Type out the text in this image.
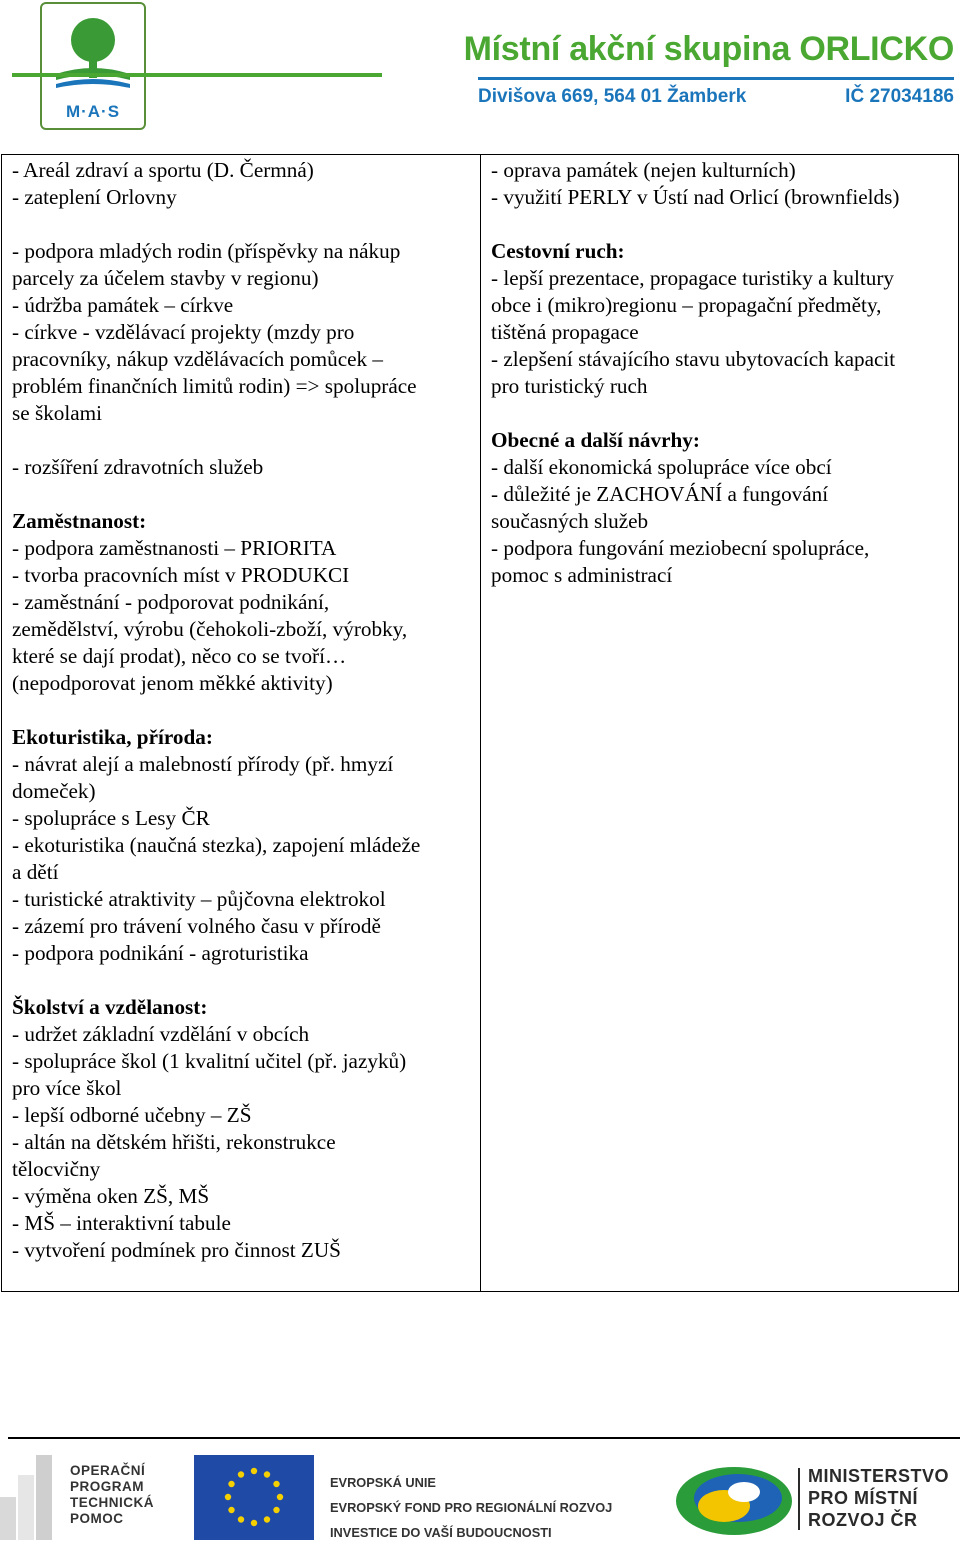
M·A·S
Místní akční skupina ORLICKO
Divišova 669, 564 01 Žamberk	IČ 27034186
- Areál zdraví a sportu (D. Čermná)
- zateplení Orlovny

- podpora mladých rodin (příspěvky na nákup
parcely za účelem stavby v regionu)
- údržba památek – církve
- církve - vzdělávací projekty (mzdy pro
pracovníky, nákup vzdělávacích pomůcek –
problém finančních limitů rodin) => spolupráce
se školami

- rozšíření zdravotních služeb

Zaměstnanost:
- podpora zaměstnanosti – PRIORITA
- tvorba pracovních míst v PRODUKCI
- zaměstnání - podporovat podnikání,
zemědělství, výrobu (čehokoli-zboží, výrobky,
které se dají prodat), něco co se tvoří…
(nepodporovat jenom měkké aktivity)

Ekoturistika, příroda:
- návrat alejí a malebností přírody (př. hmyzí
domeček)
- spolupráce s Lesy ČR
- ekoturistika (naučná stezka), zapojení mládeže
a dětí
- turistické atraktivity – půjčovna elektrokol
- zázemí pro trávení volného času v přírodě
- podpora podnikání - agroturistika

Školství a vzdělanost:
- udržet základní vzdělání v obcích
- spolupráce škol (1 kvalitní učitel (př. jazyků)
pro více škol
- lepší odborné učebny – ZŠ
- altán na dětském hřišti, rekonstrukce
tělocvičny
- výměna oken ZŠ, MŠ
- MŠ – interaktivní tabule
- vytvoření podmínek pro činnost ZUŠ
- oprava památek (nejen kulturních)
- využití PERLY v Ústí nad Orlicí (brownfields)

Cestovní ruch:
- lepší prezentace, propagace turistiky a kultury
obce i (mikro)regionu – propagační předměty,
tištěná propagace
- zlepšení stávajícího stavu ubytovacích kapacit
pro turistický ruch

Obecné a další návrhy:
- další ekonomická spolupráce více obcí
- důležité je ZACHOVÁNÍ a fungování
současných služeb
- podpora fungování meziobecní spolupráce,
pomoc s administrací
OPERAČNÍ
PROGRAM
TECHNICKÁ
POMOC
EVROPSKÁ UNIE
EVROPSKÝ FOND PRO REGIONÁLNÍ ROZVOJ
INVESTICE DO VAŠÍ BUDOUCNOSTI
MINISTERSTVO
PRO MÍSTNÍ
ROZVOJ ČR
